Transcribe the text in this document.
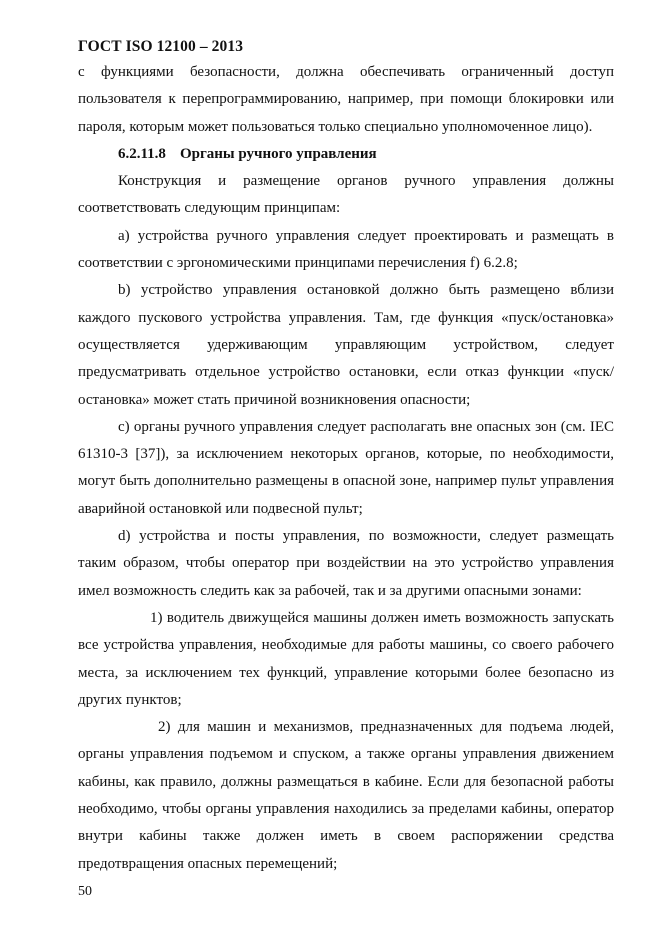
ГОСТ ISO 12100 – 2013

с функциями безопасности, должна обеспечивать ограниченный доступ пользователя к перепрограммированию, например, при помощи блокировки или пароля, которым может пользоваться только специально уполномоченное лицо).

6.2.11.8 Органы ручного управления

Конструкция и размещение органов ручного управления должны соответствовать следующим принципам:

a) устройства ручного управления следует проектировать и размещать в соответствии с эргономическими принципами перечисления f) 6.2.8;

b) устройство управления остановкой должно быть размещено вблизи каждого пускового устройства управления. Там, где функция «пуск/остановка» осуществляется удерживающим управляющим устройством, следует предусматривать отдельное устройство остановки, если отказ функции «пуск/остановка» может стать причиной возникновения опасности;

c) органы ручного управления следует располагать вне опасных зон (см. IEC 61310-3 [37]), за исключением некоторых органов, которые, по необходимости, могут быть дополнительно размещены в опасной зоне, например пульт управления аварийной остановкой или подвесной пульт;

d) устройства и посты управления, по возможности, следует размещать таким образом, чтобы оператор при воздействии на это устройство управления имел возможность следить как за рабочей, так и за другими опасными зонами:

1) водитель движущейся машины должен иметь возможность запускать все устройства управления, необходимые для работы машины, со своего рабочего места, за исключением тех функций, управление которыми более безопасно из других пунктов;

2) для машин и механизмов, предназначенных для подъема людей, органы управления подъемом и спуском, а также органы управления движением кабины, как правило, должны размещаться в кабине. Если для безопасной работы необходимо, чтобы органы управления находились за пределами кабины, оператор внутри кабины также должен иметь в своем распоряжении средства предотвращения опасных перемещений;

50
